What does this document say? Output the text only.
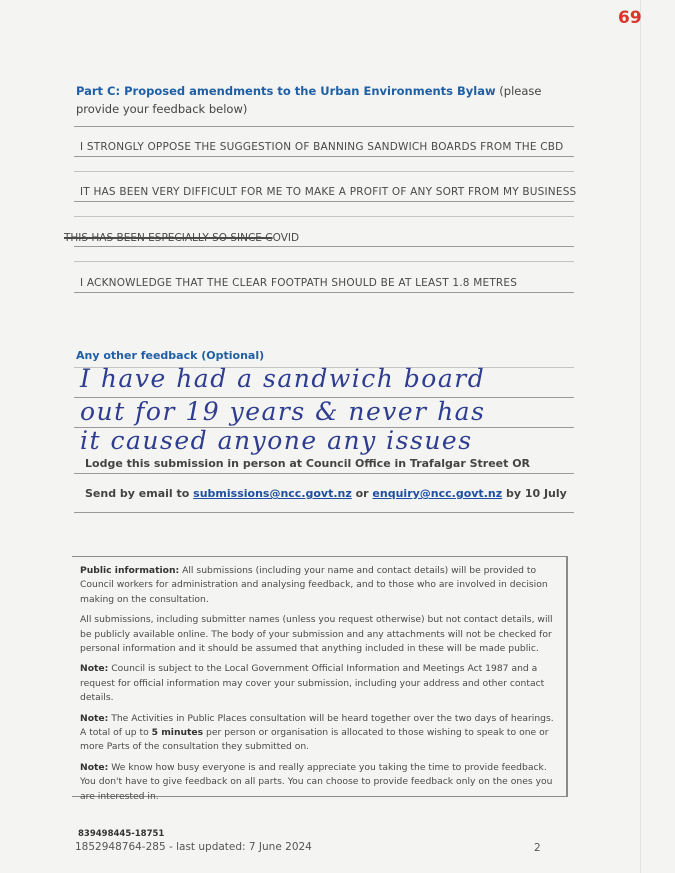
69
Part C: Proposed amendments to the Urban Environments Bylaw (please provide your feedback below)
I STRONGLY OPPOSE THE SUGGESTION OF BANNING SANDWICH BOARDS FROM THE CBD
IT HAS BEEN VERY DIFFICULT FOR ME TO MAKE A PROFIT OF ANY SORT FROM MY BUSINESS
THIS HAS BEEN ESPECIALLY SO SINCE COVID
I ACKNOWLEDGE THAT THE CLEAR FOOTPATH SHOULD BE AT LEAST 1.8 METRES
Any other feedback (Optional)
I have had a sandwich board
out for 19 years & never has
it caused anyone any issues
Lodge this submission in person at Council Office in Trafalgar Street OR
Send by email to submissions@ncc.govt.nz or enquiry@ncc.govt.nz by 10 July

Public information: All submissions (including your name and contact details) will be provided to Council workers for administration and analysing feedback, and to those who are involved in decision making on the consultation.

All submissions, including submitter names (unless you request otherwise) but not contact details, will be publicly available online. The body of your submission and any attachments will not be checked for personal information and it should be assumed that anything included in these will be made public.

Note: Council is subject to the Local Government Official Information and Meetings Act 1987 and a request for official information may cover your submission, including your address and other contact details.

Note: The Activities in Public Places consultation will be heard together over the two days of hearings. A total of up to 5 minutes per person or organisation is allocated to those wishing to speak to one or more Parts of the consultation they submitted on.

Note: We know how busy everyone is and really appreciate you taking the time to provide feedback. You don't have to give feedback on all parts. You can choose to provide feedback only on the ones you are interested in.

839498445-18751
1852948764-285 - last updated: 7 June 2024	2
